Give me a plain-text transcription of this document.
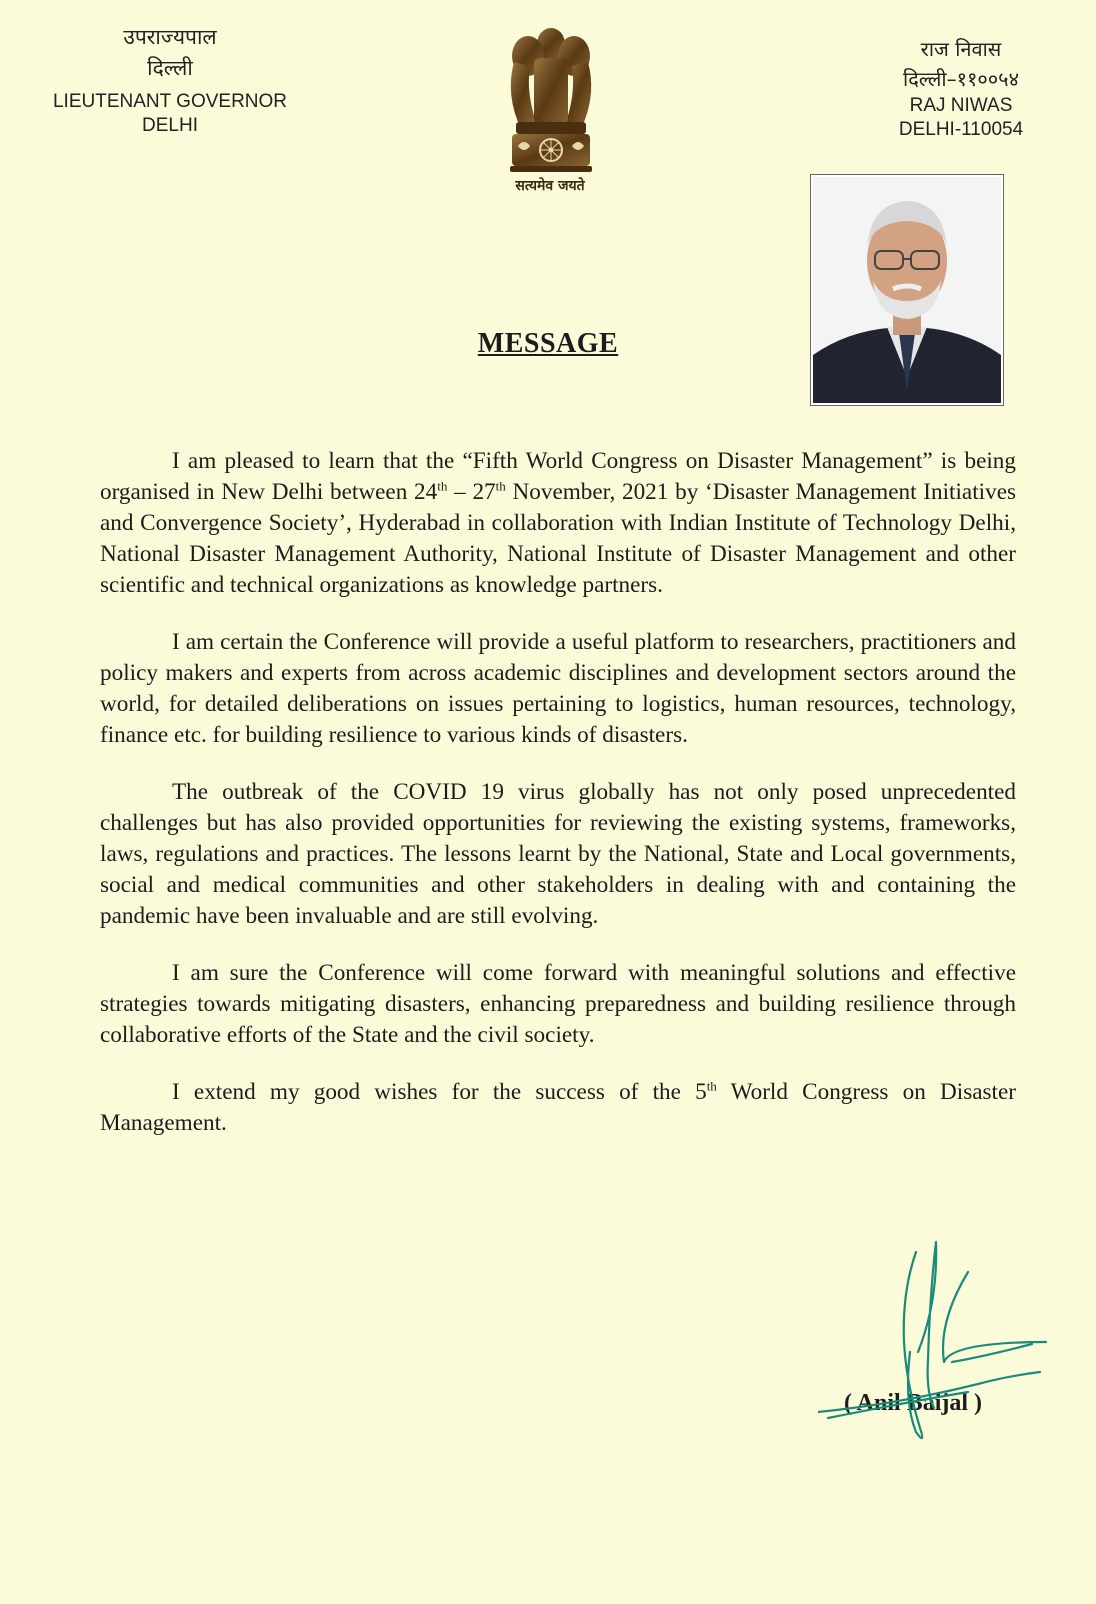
उपराज्यपाल
दिल्ली
LIEUTENANT GOVERNOR
DELHI
सत्यमेव जयते
राज निवास
दिल्ली–११००५४
RAJ NIWAS
DELHI-110054
MESSAGE

I am pleased to learn that the “Fifth World Congress on Disaster Management” is being organised in New Delhi between 24th – 27th November, 2021 by ‘Disaster Management Initiatives and Convergence Society’, Hyderabad in collaboration with Indian Institute of Technology Delhi, National Disaster Management Authority, National Institute of Disaster Management and other scientific and technical organizations as knowledge partners.

I am certain the Conference will provide a useful platform to researchers, practitioners and policy makers and experts from across academic disciplines and development sectors around the world, for detailed deliberations on issues pertaining to logistics, human resources, technology, finance etc. for building resilience to various kinds of disasters.

The outbreak of the COVID 19 virus globally has not only posed unprecedented challenges but has also provided opportunities for reviewing the existing systems, frameworks, laws, regulations and practices. The lessons learnt by the National, State and Local governments, social and medical communities and other stakeholders in dealing with and containing the pandemic have been invaluable and are still evolving.

I am sure the Conference will come forward with meaningful solutions and effective strategies towards mitigating disasters, enhancing preparedness and building resilience through collaborative efforts of the State and the civil society.

I extend my good wishes for the success of the 5th World Congress on Disaster Management.

( Anil Baijal )
